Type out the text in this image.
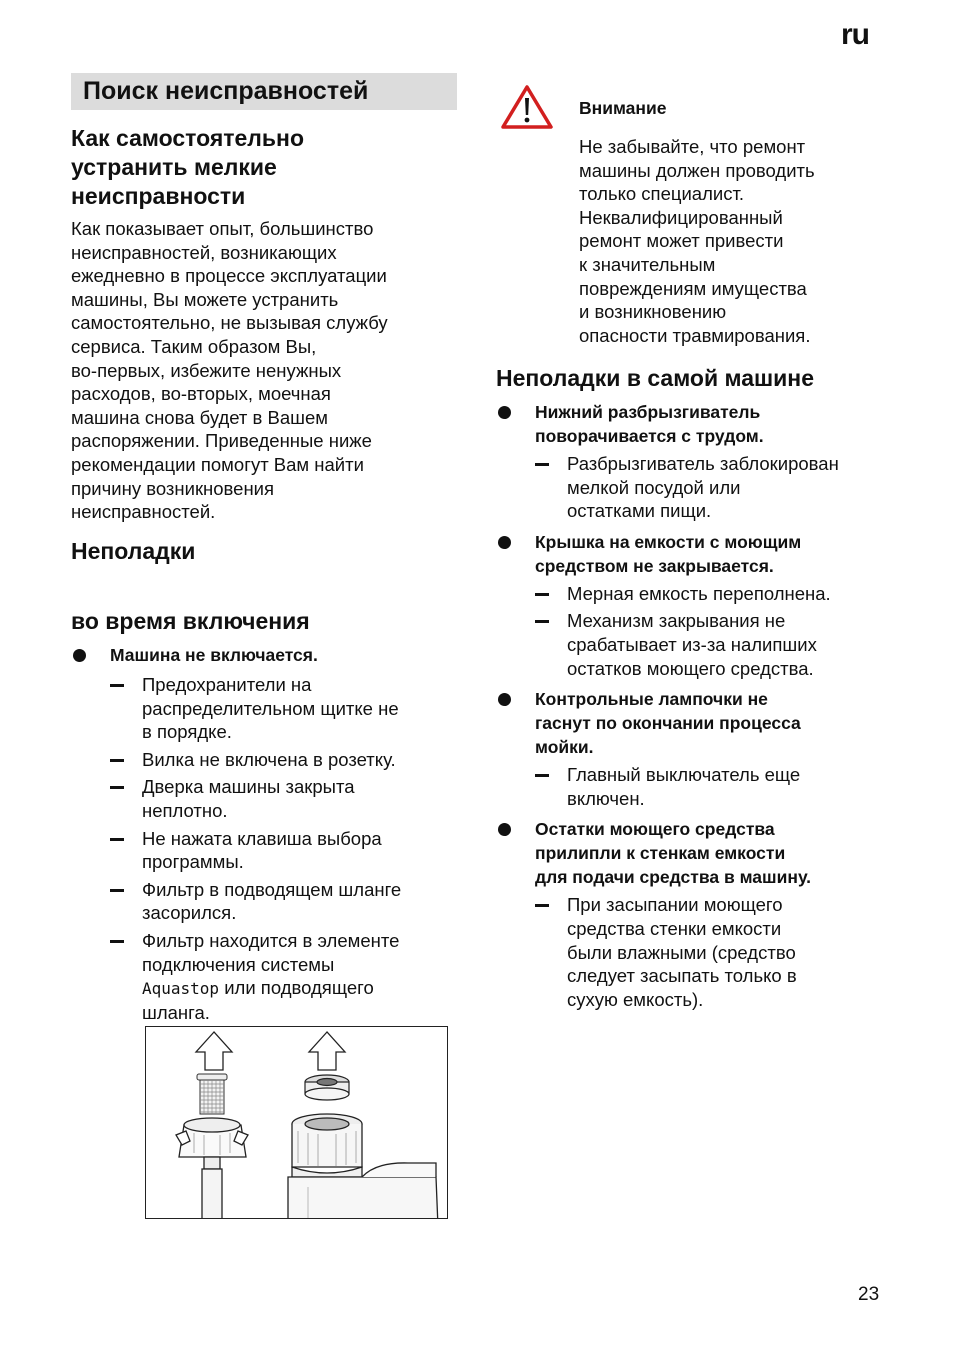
ru
Поиск неисправностей
Как самостоятельно
устранить мелкие
неисправности
Как показывает опыт, большинство
неисправностей, возникающих
ежедневно в процессе эксплуатации
машины, Вы можете устранить
самостоятельно, не вызывая службу
сервиса. Таким образом Вы,
во-первых, избежите ненужных
расходов, во-вторых, моечная
машина снова будет в Вашем
распоряжении. Приведенные ниже
рекомендации помогут Вам найти
причину возникновения
неисправностей.
Неполадки
во время включения
Машина не включается.
Предохранители на
распределительном щитке не
в порядке.
Вилка не включена в розетку.
Дверка машины закрыта
неплотно.
Не нажата клавиша выбора
программы.
Фильтр в подводящем шланге
засорился.
Фильтр находится в элементе
подключения системы
Aquastop или подводящего
шланга.
Внимание
Не забывайте, что ремонт
машины должен проводить
только специалист.
Неквалифицированный
ремонт может привести
к значительным
повреждениям имущества
и возникновению
опасности травмирования.
Неполадки в самой машине
Нижний разбрызгиватель
поворачивается с трудом.
Разбрызгиватель заблокирован
мелкой посудой или
остатками пищи.
Крышка на емкости с моющим
средством не закрывается.
Мерная емкость переполнена.
Механизм закрывания не
срабатывает из-за налипших
остатков моющего средства.
Контрольные лампочки не
гаснут по окончании процесса
мойки.
Главный выключатель еще
включен.
Остатки моющего средства
прилипли к стенкам емкости
для подачи средства в машину.
При засыпании моющего
средства стенки емкости
были влажными (средство
следует засыпать только в
сухую емкость).
23
